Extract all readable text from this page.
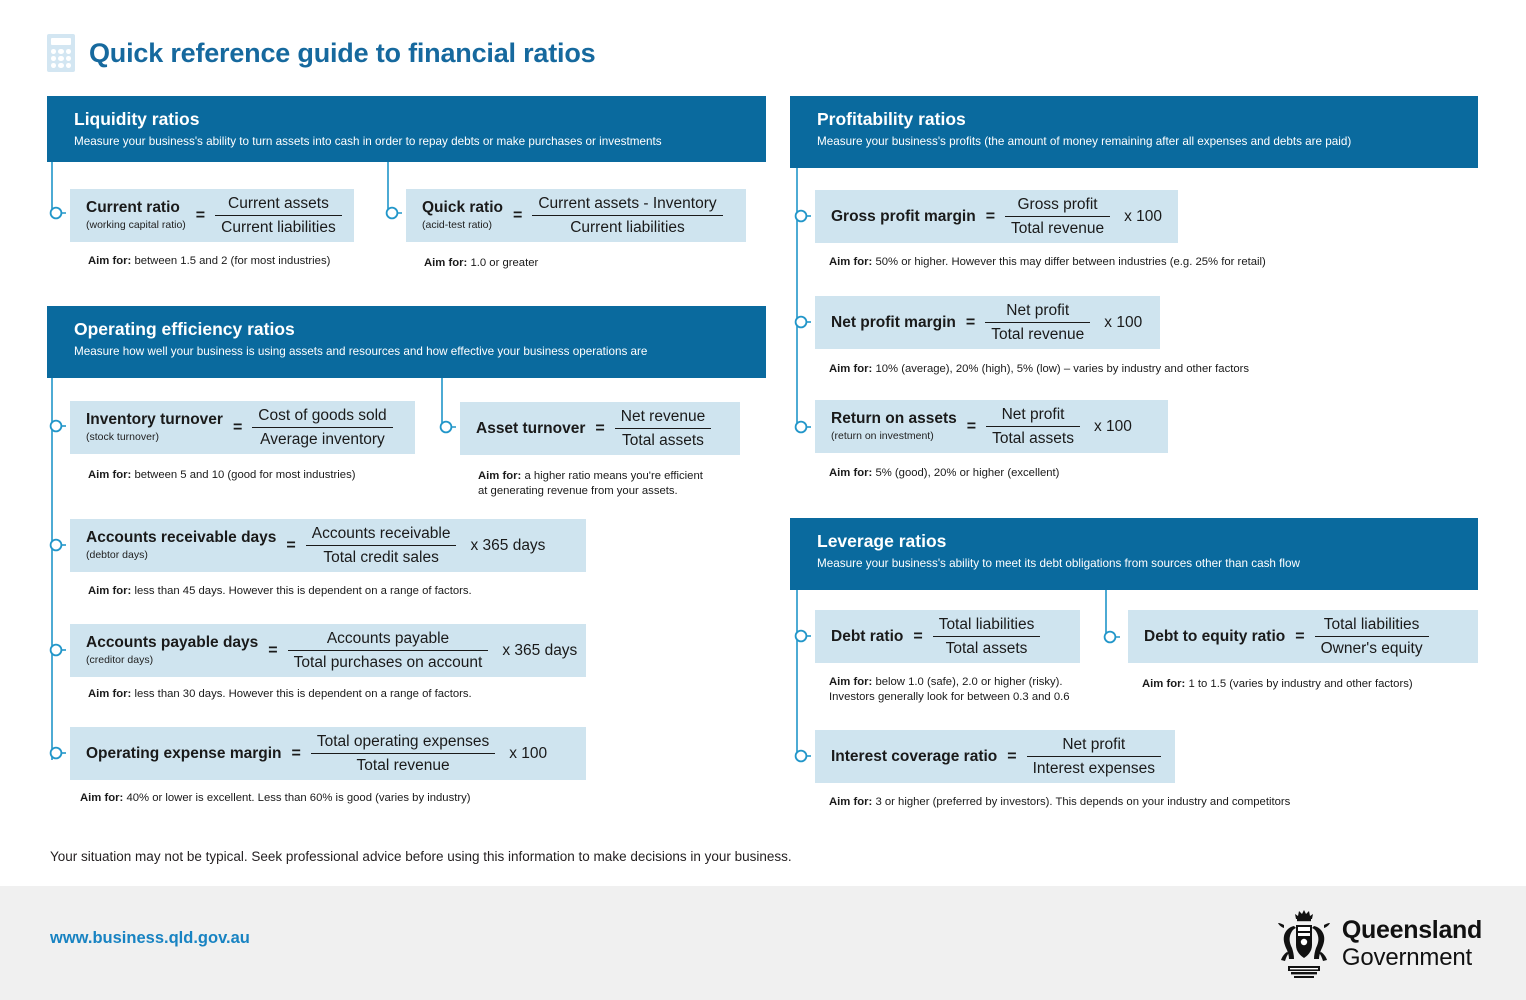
Quick reference guide to financial ratios
Liquidity ratios
Measure your business's ability to turn assets into cash in order to repay debts or make purchases or investments
Operating efficiency ratios
Measure how well your business is using assets and resources and how effective your business operations are
Profitability ratios
Measure your business's profits (the amount of money remaining after all expenses and debts are paid)
Leverage ratios
Measure your business's ability to meet its debt obligations from sources other than cash flow
Current ratio
(working capital ratio)
= $\frac{\text{Current assets}}{\text{Current liabilities}}$
Aim for: between 1.5 and 2 (for most industries)
Quick ratio
(acid-test ratio)
= $\frac{\text{Current assets - Inventory}}{\text{Current liabilities}}$
Aim for: 1.0 or greater
Inventory turnover
(stock turnover)
= $\frac{\text{Cost of goods sold}}{\text{Average inventory}}$
Aim for: between 5 and 10 (good for most industries)
Asset turnover = $\frac{\text{Net revenue}}{\text{Total assets}}$
Aim for: a higher ratio means you're efficient at generating revenue from your assets.
Accounts receivable days
(debtor days)
= $\frac{\text{Accounts receivable}}{\text{Total credit sales}}$ x 365 days
Aim for: less than 45 days. However this is dependent on a range of factors.
Accounts payable days
(creditor days)
= $\frac{\text{Accounts payable}}{\text{Total purchases on account}}$ x 365 days
Aim for: less than 30 days. However this is dependent on a range of factors.
Operating expense margin = $\frac{\text{Total operating expenses}}{\text{Total revenue}}$ x 100
Aim for: 40% or lower is excellent. Less than 60% is good (varies by industry)
Gross profit margin = $\frac{\text{Gross profit}}{\text{Total revenue}}$ x 100
Aim for: 50% or higher. However this may differ between industries (e.g. 25% for retail)
Net profit margin = $\frac{\text{Net profit}}{\text{Total revenue}}$ x 100
Aim for: 10% (average), 20% (high), 5% (low) – varies by industry and other factors
Return on assets
(return on investment)
= $\frac{\text{Net profit}}{\text{Total assets}}$ x 100
Aim for: 5% (good), 20% or higher (excellent)
Debt ratio = $\frac{\text{Total liabilities}}{\text{Total assets}}$
Aim for: below 1.0 (safe), 2.0 or higher (risky). Investors generally look for between 0.3 and 0.6
Debt to equity ratio = $\frac{\text{Total liabilities}}{\text{Owner's equity}}$
Aim for: 1 to 1.5 (varies by industry and other factors)
Interest coverage ratio = $\frac{\text{Net profit}}{\text{Interest expenses}}$
Aim for: 3 or higher (preferred by investors). This depends on your industry and competitors
Your situation may not be typical. Seek professional advice before using this information to make decisions in your business.
www.business.qld.gov.au	Queensland
Government
